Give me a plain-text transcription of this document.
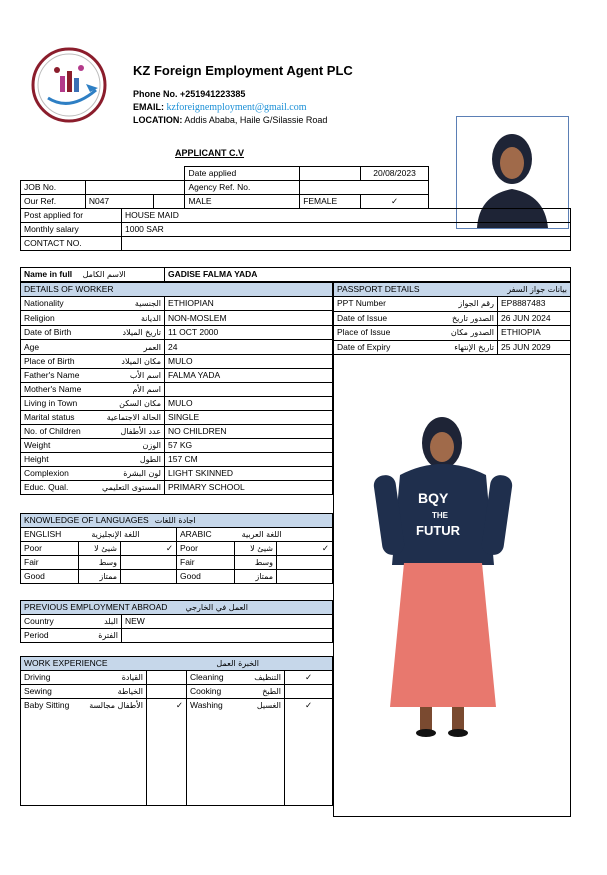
KZ Foreign Employment Agent PLC
Phone No. +251941223385
EMAIL: kzforeignemployment@gmail.com
LOCATION: Addis Ababa, Haile G/Silassie Road
APPLICANT C.V
			Date applied		20/08/2023
JOB No.			Agency Ref. No.		
Our Ref.	N047		MALE	FEMALE	✓
Post applied for	HOUSE MAID
Monthly salary	1000 SAR
CONTACT NO.	
Name in full الاسم الكامل	GADISE FALMA YADA
DETAILS OF WORKER	
Nationality الجنسية	ETHIOPIAN
Religion الديانة	NON-MOSLEM
Date of Birth تاريخ الميلاد	11 OCT 2000
Age العمر	24
Place of Birth مكان الميلاد	MULO
Father's Name اسم الأب	FALMA YADA
Mother's Name اسم الأم	

Living in Town مكان السكن	MULO
Marital status الحالة الاجتماعية	SINGLE
No. of Children عدد الأطفال	NO CHILDREN
Weight الوزن	57 KG
Height الطول	157 CM
Complexion لون البشرة	LIGHT SKINNED
Educ. Qual. المستوى التعليمي	PRIMARY SCHOOL
PASSPORT DETAILS بيانات جواز السفر	

PPT Number رقم الجواز	EP8887483
Date of Issue الصدور تاريخ	26 JUN 2024
Place of Issue الصدور مكان	ETHIOPIA
Date of Expiry تاريخ الإنتهاء	25 JUN 2029
BQY
THE
FUTUR
KNOWLEDGE OF LANGUAGES اجادة اللغات					
ENGLISH اللغة الإنجليزية			ARABIC اللغة العربية		
Poor	شيئ لا	✓	Poor	شيئ لا	✓
Fair	وسط		Fair	وسط	
Good	ممتاز		Good	ممتاز	
PREVIOUS EMPLOYMENT ABROAD العمل في الخارجي	
Country البلد	NEW
Period الفترة	

WORK EXPERIENCE الخبرة العمل			

Driving القيادة		Cleaning التنظيف	✓
Sewing الخياطة		Cooking الطبخ	

Baby Sitting الأطفال مجالسة	✓	Washing الغسيل	✓
